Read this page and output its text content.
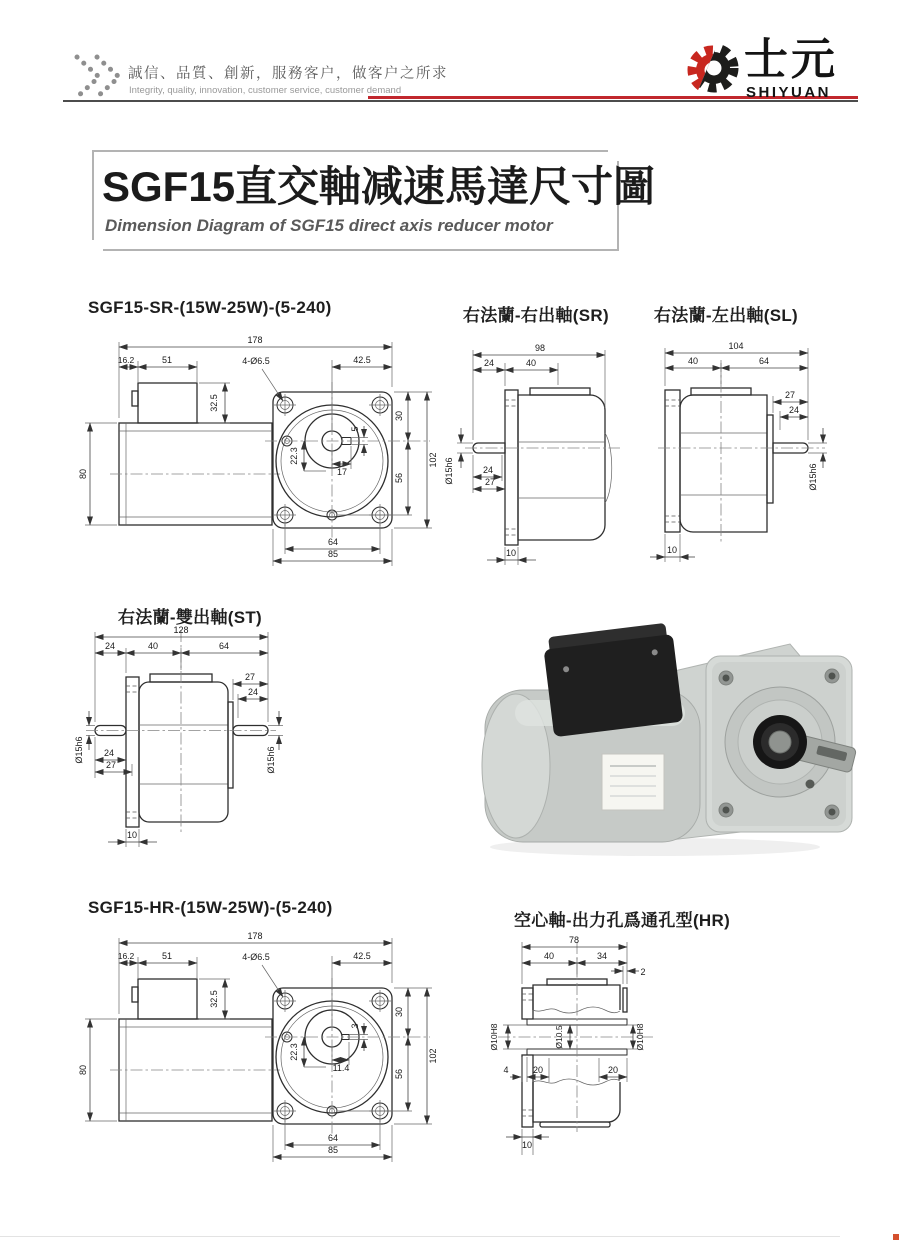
誠信、品質、創新，服務客户，做客户之所求
Integrity, quality, innovation, customer service, customer demand
士元
SHIYUAN
SGF15直交軸减速馬達尺寸圖
Dimension Diagram of SGF15 direct axis reducer motor
SGF15-SR-(15W-25W)-(5-240)	右法蘭-右出軸(SR)	右法蘭-左出軸(SL)
右法蘭-雙出軸(ST)
SGF15-HR-(15W-25W)-(5-240)
空心軸-出力孔爲通孔型(HR)
178
16.2	51	4-Ø6.5	42.5
32.5
80
30
56
102
22.3
17
5
64
85
98
24	40
Ø15h6	24
27
10
104
40	64
27
24
Ø15h6
10
128
24	40	64
27
24
Ø15h6
24
27
Ø15h6
10
178
16.2	51	4-Ø6.5	42.5
32.5
80
30
56
102
22.3
11.4
3
64
85
78
40	34
2
Ø10H8	Ø10.5	Ø10H8
4	20	20
10
